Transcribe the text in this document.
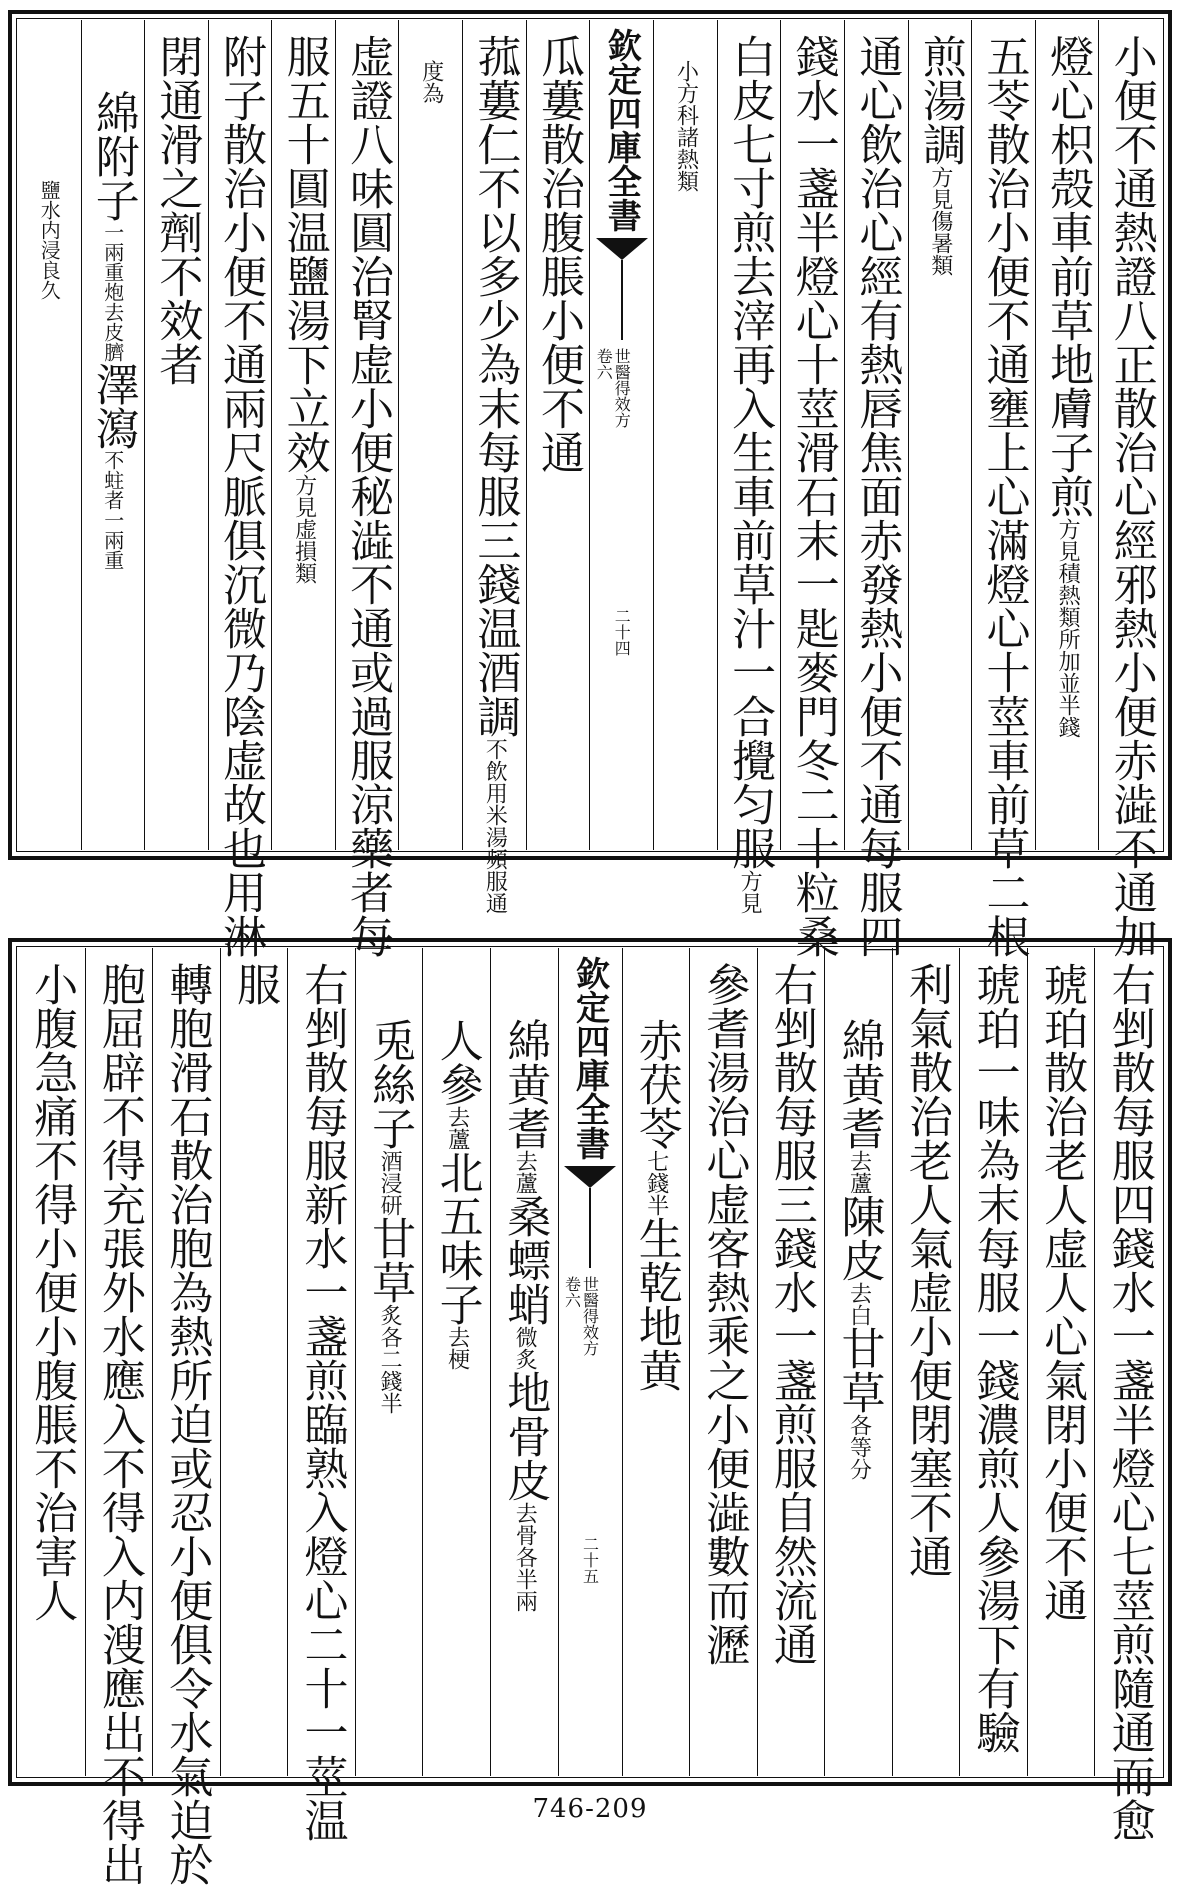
小便不通熱證八正散治心經邪熱小便赤澁不通加
燈心枳殻車前草地膚子煎方見積熱類所加並半錢
五苓散治小便不通壅上心滿燈心十莖車前草二根
煎湯調方見傷暑類
通心飲治心經有熱唇焦面赤發熱小便不通每服四
錢水一盞半燈心十莖滑石末一匙麥門冬二十粒桑
白皮七寸煎去滓再入生車前草汁一合攪匀服方見
小方科諸熱類
欽定四庫全書
世醫得效方
卷六
二十四
瓜蔞散治腹脹小便不通
菰蔞仁不以多少為末每服三錢温酒調不飲用米湯頻服通
度為
虚證八味圓治腎虚小便秘澁不通或過服涼藥者每
服五十圓温鹽湯下立效方見虚損類
附子散治小便不通兩尺脈俱沉微乃陰虚故也用淋
閉通滑之劑不效者
綿附子一兩重炮去皮臍澤瀉不蛀者一兩重
鹽水内浸良久
右剉散每服四錢水一盞半燈心七莖煎隨通而愈
琥珀散治老人虚人心氣閉小便不通
琥珀一味為末每服一錢濃煎人參湯下有驗
利氣散治老人氣虚小便閉塞不通
綿黄耆去蘆陳皮去白甘草各等分
右剉散每服三錢水一盞煎服自然流通
參耆湯治心虚客熱乘之小便澁數而瀝
赤茯苓七錢半生乾地黄
欽定四庫全書
世醫得效方
卷六
二十五
綿黄耆去蘆桑螵蛸微炙地骨皮去骨各半兩
人參去蘆北五味子去梗
兎絲子酒浸研甘草炙各二錢半
右剉散每服新水一盞煎臨熟入燈心二十一莖温
服
轉胞滑石散治胞為熱所迫或忍小便俱令水氣迫於
胞屈辟不得充張外水應入不得入内溲應出不得出
小腹急痛不得小便小腹脹不治害人
746-209
